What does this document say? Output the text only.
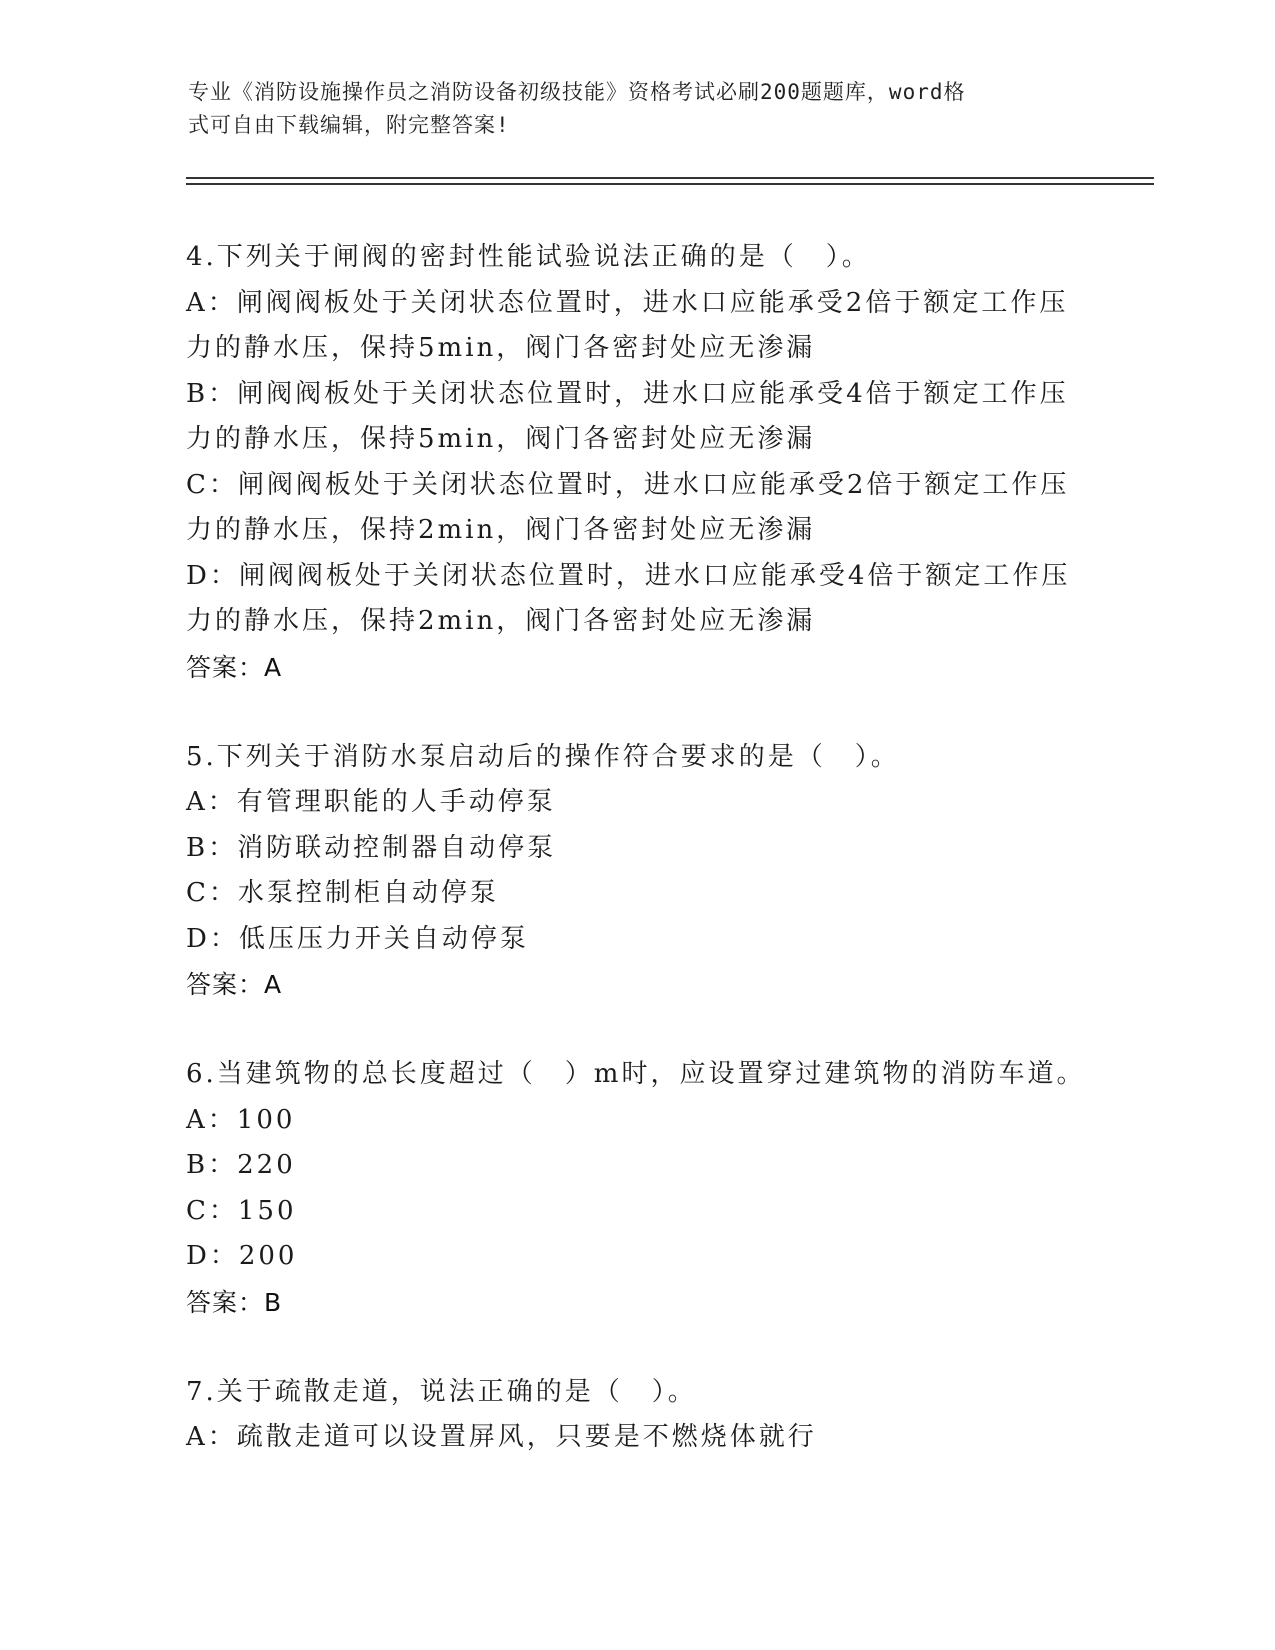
专业《消防设施操作员之消防设备初级技能》资格考试必刷200题题库，word格
式可自由下载编辑，附完整答案!
4.下列关于闸阀的密封性能试验说法正确的是（　）。
A：闸阀阀板处于关闭状态位置时，进水口应能承受2倍于额定工作压力的静水压，保持5min，阀门各密封处应无渗漏
B：闸阀阀板处于关闭状态位置时，进水口应能承受4倍于额定工作压力的静水压，保持5min，阀门各密封处应无渗漏
C：闸阀阀板处于关闭状态位置时，进水口应能承受2倍于额定工作压力的静水压，保持2min，阀门各密封处应无渗漏
D：闸阀阀板处于关闭状态位置时，进水口应能承受4倍于额定工作压力的静水压，保持2min，阀门各密封处应无渗漏
答案：A
5.下列关于消防水泵启动后的操作符合要求的是（　）。
A：有管理职能的人手动停泵
B：消防联动控制器自动停泵
C：水泵控制柜自动停泵
D：低压压力开关自动停泵
答案：A
6.当建筑物的总长度超过（　）m时，应设置穿过建筑物的消防车道。
A：100
B：220
C：150
D：200
答案：B
7.关于疏散走道，说法正确的是（　）。
A：疏散走道可以设置屏风，只要是不燃烧体就行
